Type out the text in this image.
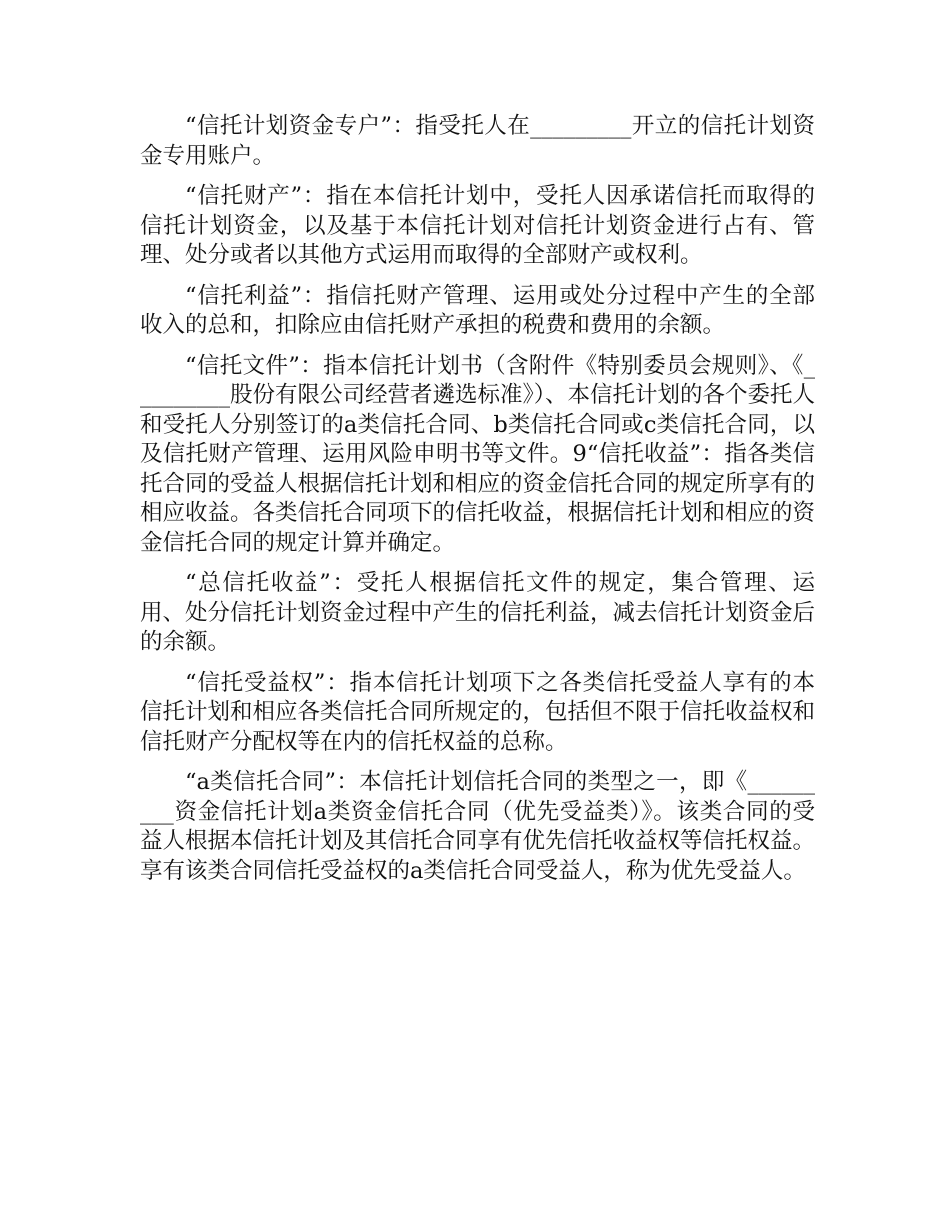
“信托计划资金专户”：指受托人在_________开立的信托计划资金专用账户。

“信托财产”：指在本信托计划中，受托人因承诺信托而取得的信托计划资金，以及基于本信托计划对信托计划资金进行占有、管理、处分或者以其他方式运用而取得的全部财产或权利。

“信托利益”：指信托财产管理、运用或处分过程中产生的全部收入的总和，扣除应由信托财产承担的税费和费用的余额。

“信托文件”：指本信托计划书（含附件《特别委员会规则》、《_________股份有限公司经营者遴选标准》）、本信托计划的各个委托人和受托人分别签订的a类信托合同、b类信托合同或c类信托合同，以及信托财产管理、运用风险申明书等文件。9“信托收益”：指各类信托合同的受益人根据信托计划和相应的资金信托合同的规定所享有的相应收益。各类信托合同项下的信托收益，根据信托计划和相应的资金信托合同的规定计算并确定。

“总信托收益”：受托人根据信托文件的规定，集合管理、运用、处分信托计划资金过程中产生的信托利益，减去信托计划资金后的余额。

“信托受益权”：指本信托计划项下之各类信托受益人享有的本信托计划和相应各类信托合同所规定的，包括但不限于信托收益权和信托财产分配权等在内的信托权益的总称。

“a类信托合同”：本信托计划信托合同的类型之一，即《_________资金信托计划a类资金信托合同（优先受益类）》。该类合同的受益人根据本信托计划及其信托合同享有优先信托收益权等信托权益。享有该类合同信托受益权的a类信托合同受益人，称为优先受益人。
